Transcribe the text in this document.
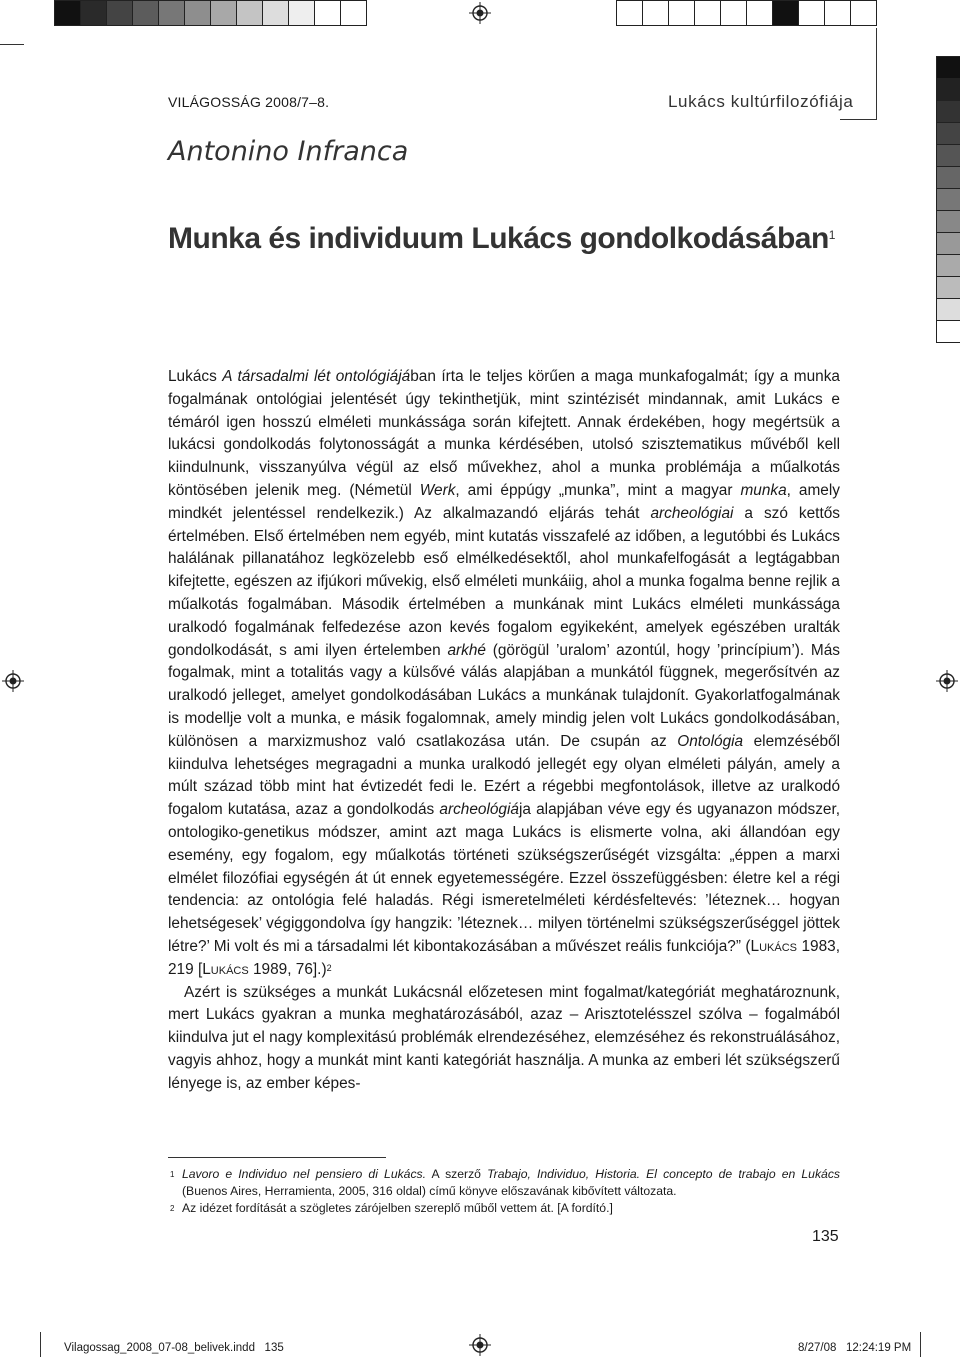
VILÁGOSSÁG 2008/7–8.	Lukács kultúrfilozófiája
Antonino Infranca
Munka és individuum Lukács gondolkodásában$^1$

Lukács A társadalmi lét ontológiájában írta le teljes körűen a maga munkafogalmát; így a munka fogalmának ontológiai jelentését úgy tekinthetjük, mint szintézisét mindannak, amit Lukács e témáról igen hosszú elméleti munkássága során kifejtett. Annak érdekében, hogy megértsük a lukácsi gondolkodás folytonosságát a munka kérdésében, utolsó szisztematikus művéből kell kiindulnunk, visszanyúlva végül az első művekhez, ahol a munka problémája a műalkotás köntösében jelenik meg. (Németül Werk, ami éppúgy „munka”, mint a magyar munka, amely mindkét jelentéssel rendelkezik.) Az alkalmazandó eljárás tehát archeológiai a szó kettős értelmében. Első értelmében nem egyéb, mint kutatás visszafelé az időben, a legutóbbi és Lukács halálának pillanatához legközelebb eső elmélkedésektől, ahol munkafelfogását a legtágabban kifejtette, egészen az ifjúkori művekig, első elméleti munkáiig, ahol a munka fogalma benne rejlik a műalkotás fogalmában. Második értelmében a munkának mint Lukács elméleti munkássága uralkodó fogalmának felfedezése azon kevés fogalom egyikeként, amelyek egészében uralták gondolkodását, s ami ilyen értelemben arkhé (görögül ’uralom’ azontúl, hogy ’princípium’). Más fogalmak, mint a totalitás vagy a külsővé válás alapjában a munkától függnek, megerősítvén az uralkodó jelleget, amelyet gondolkodásában Lukács a munkának tulajdonít. Gyakorlatfogalmának is modellje volt a munka, e másik fogalomnak, amely mindig jelen volt Lukács gondolkodásában, különösen a marxizmushoz való csatlakozása után. De csupán az Ontológia elemzéséből kiindulva lehetséges megragadni a munka uralkodó jellegét egy olyan elméleti pályán, amely a múlt század több mint hat évtizedét fedi le. Ezért a régebbi megfontolások, illetve az uralkodó fogalom kutatása, azaz a gondolkodás archeológiája alapjában véve egy és ugyanazon módszer, ontologiko-genetikus módszer, amint azt maga Lukács is elismerte volna, aki állandóan egy esemény, egy fogalom, egy műalkotás történeti szükségszerűségét vizsgálta: „éppen a marxi elmélet filozófiai egységén át út ennek egyetemességére. Ezzel összefüggésben: életre kel a régi tendencia: az ontológia felé haladás. Régi ismeretelméleti kérdésfeltevés: ’léteznek… hogyan lehetségesek’ végiggondolva így hangzik: ’léteznek… milyen történelmi szükségszerűséggel jöttek létre?’ Mi volt és mi a társadalmi lét kibontakozásában a művészet reális funkciója?” (Lukács 1983, 219 [Lukács 1989, 76].)$^2$

Azért is szükséges a munkát Lukácsnál előzetesen mint fogalmat/kategóriát meghatároznunk, mert Lukács gyakran a munka meghatározásából, azaz – Arisztotelésszel szólva – fogalmából kiindulva jut el nagy komplexitású problémák elrendezéséhez, elemzéséhez és rekonstruálásához, vagyis ahhoz, hogy a munkát mint kanti kategóriát használja. A munka az emberi lét szükségszerű lényege is, az ember képes-

1 Lavoro e Individuo nel pensiero di Lukács. A szerző Trabajo, Individuo, Historia. El concepto de trabajo en Lukács (Buenos Aires, Herramienta, 2005, 316 oldal) című könyve előszavának kibővített változata.
2 Az idézet fordítását a szögletes zárójelben szereplő műből vettem át. [A fordító.]
135
Vilagossag_2008_07-08_belivek.indd   135	8/27/08   12:24:19 PM
